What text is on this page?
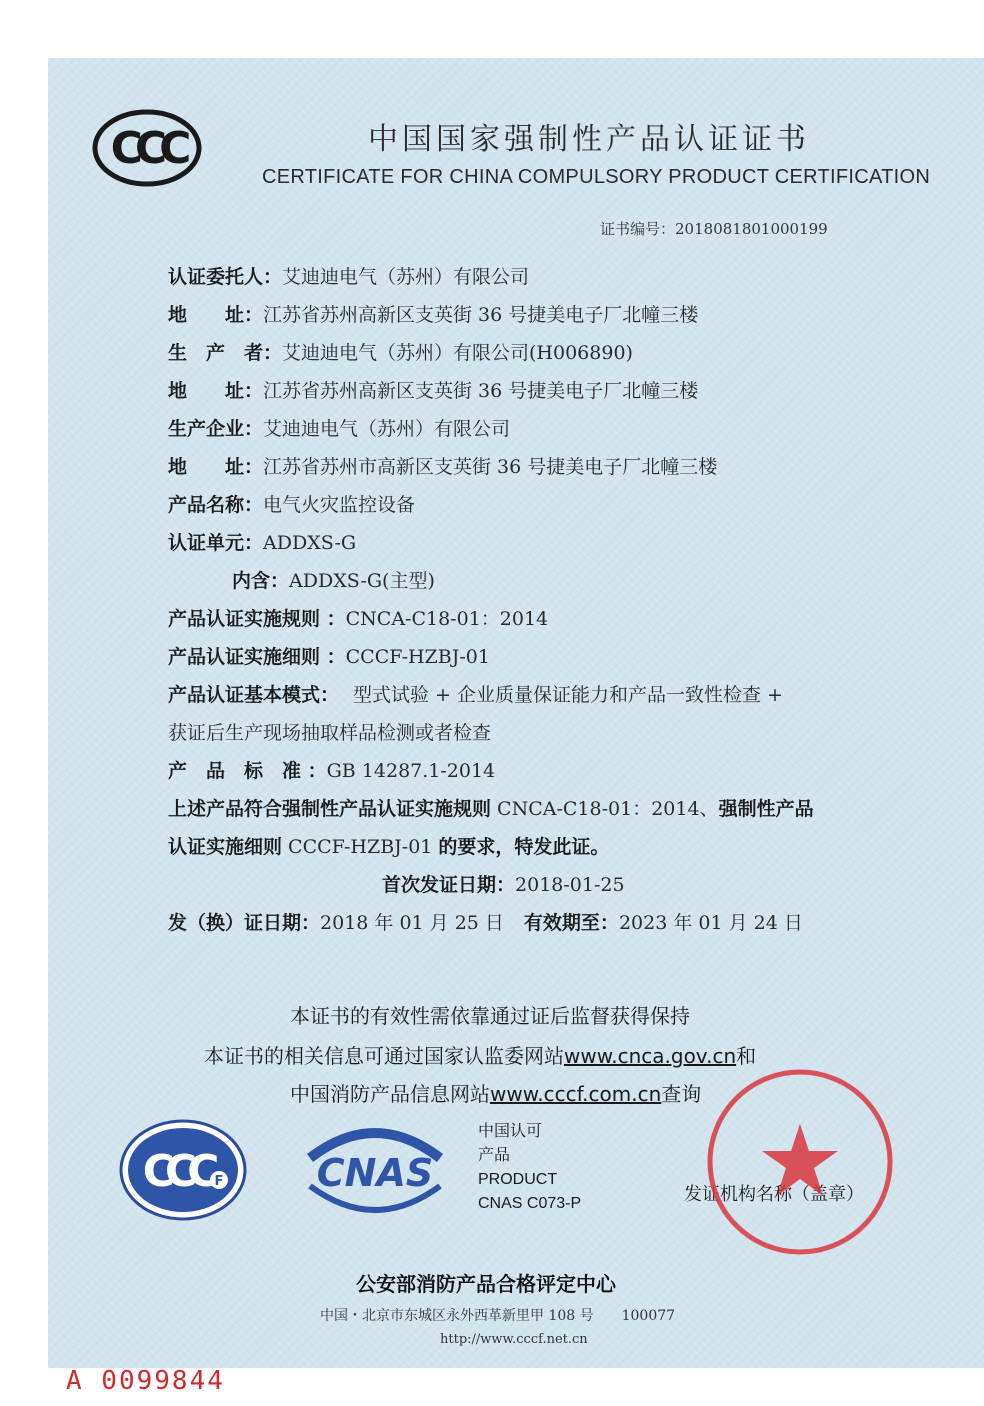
CCC	中国国家强制性产品认证证书
CERTIFICATE FOR CHINA COMPULSORY PRODUCT CERTIFICATION
证书编号：2018081801000199
认证委托人：艾迪迪电气（苏州）有限公司
地　　址：江苏省苏州高新区支英街 36 号捷美电子厂北幢三楼
生　产　者：艾迪迪电气（苏州）有限公司(H006890)
地　　址：江苏省苏州高新区支英街 36 号捷美电子厂北幢三楼
生产企业：艾迪迪电气（苏州）有限公司
地　　址：江苏省苏州市高新区支英街 36 号捷美电子厂北幢三楼
产品名称：电气火灾监控设备
认证单元：ADDXS-G
内含：ADDXS-G(主型)
产品认证实施规则 ：CNCA-C18-01：2014
产品认证实施细则 ：CCCF-HZBJ-01
产品认证基本模式： 型式试验 + 企业质量保证能力和产品一致性检查 +
获证后生产现场抽取样品检测或者检查
产　品　标　准 ：GB 14287.1-2014
上述产品符合强制性产品认证实施规则 CNCA-C18-01：2014、强制性产品
认证实施细则 CCCF-HZBJ-01 的要求，特发此证。
首次发证日期：2018-01-25
发（换）证日期：2018 年 01 月 25 日 有效期至：2023 年 01 月 24 日
本证书的有效性需依靠通过证后监督获得保持
本证书的相关信息可通过国家认监委网站www.cnca.gov.cn和
中国消防产品信息网站www.cccf.com.cn查询
CCC F CNAS
中国认可
产品
PRODUCT
CNAS C073-P	发证机构名称（盖章）
公安部消防产品合格评定中心
中国・北京市东城区永外西革新里甲 108 号　　100077
http://www.cccf.net.cn
A 0099844
